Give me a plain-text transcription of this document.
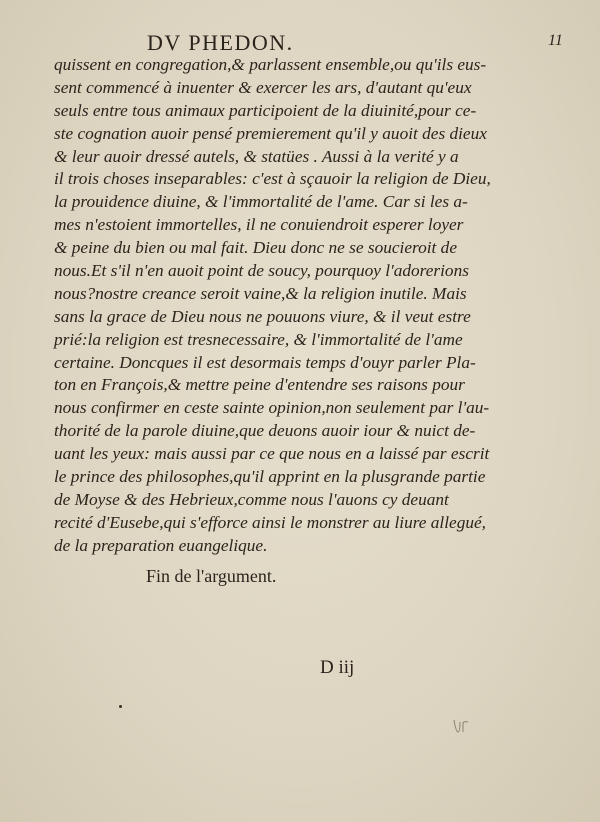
DV PHEDON.	11
quissent en congregation,& parlassent ensemble,ou qu'ils eus-
sent commencé à inuenter & exercer les ars, d'autant qu'eux
seuls entre tous animaux participoient de la diuinité,pour ce-
ste cognation auoir pensé premierement qu'il y auoit des dieux
& leur auoir dressé autels, & statües . Aussi à la verité y a
il trois choses inseparables: c'est à sçauoir la religion de Dieu,
la prouidence diuine, & l'immortalité de l'ame. Car si les a-
mes n'estoient immortelles, il ne conuiendroit esperer loyer
& peine du bien ou mal fait. Dieu donc ne se soucieroit de
nous.Et s'il n'en auoit point de soucy, pourquoy l'adorerions
nous?nostre creance seroit vaine,& la religion inutile. Mais
sans la grace de Dieu nous ne pouuons viure, & il veut estre
prié:la religion est tresnecessaire, & l'immortalité de l'ame
certaine. Doncques il est desormais temps d'ouyr parler Pla-
ton en François,& mettre peine d'entendre ses raisons pour
nous confirmer en ceste sainte opinion,non seulement par l'au-
thorité de la parole diuine,que deuons auoir iour & nuict de-
uant les yeux: mais aussi par ce que nous en a laissé par escrit
le prince des philosophes,qu'il apprint en la plusgrande partie
de Moyse & des Hebrieux,comme nous l'auons cy deuant
recité d'Eusebe,qui s'efforce ainsi le monstrer au liure allegué,
de la preparation euangelique.
Fin de l'argument.
D iij
